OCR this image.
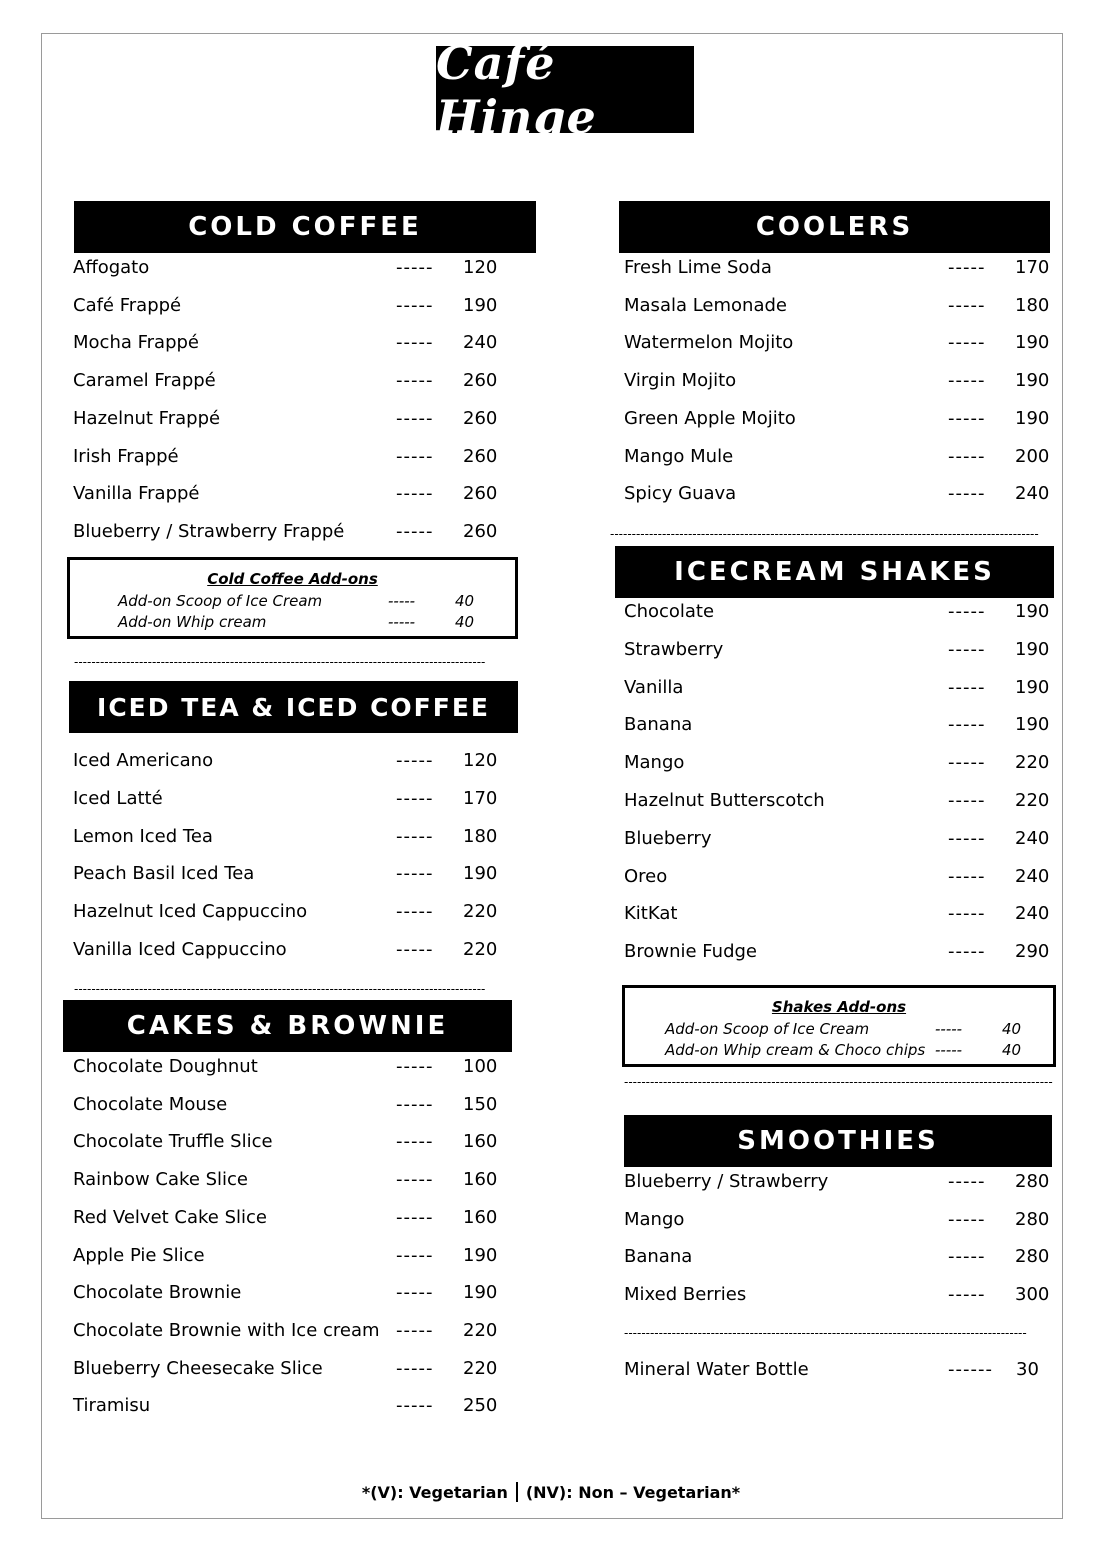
Café Hinge
COLD COFFEE
Affogato	----- 120
Café Frappé	----- 190
Mocha Frappé	----- 240
Caramel Frappé	----- 260
Hazelnut Frappé	----- 260
Irish Frappé	----- 260
Vanilla Frappé	----- 260
Blueberry / Strawberry Frappé	----- 260
Cold Coffee Add-ons
Add-on Scoop of Ice Cream	-----	40
Add-on Whip cream	-----	40
-----------------------------------------------------------------------------------------------
ICED TEA & ICED COFFEE
Iced Americano	----- 120
Iced Latté	----- 170
Lemon Iced Tea	----- 180
Peach Basil Iced Tea	----- 190
Hazelnut Iced Cappuccino	----- 220
Vanilla Iced Cappuccino	----- 220
-----------------------------------------------------------------------------------------------
CAKES & BROWNIE
Chocolate Doughnut	----- 100
Chocolate Mouse	----- 150
Chocolate Truffle Slice	----- 160
Rainbow Cake Slice	----- 160
Red Velvet Cake Slice	----- 160
Apple Pie Slice	----- 190
Chocolate Brownie	----- 190
Chocolate Brownie with Ice cream ----- 220
Blueberry Cheesecake Slice	----- 220
Tiramisu	----- 250
COOLERS
Fresh Lime Soda	----- 170
Masala Lemonade	----- 180
Watermelon Mojito	----- 190
Virgin Mojito	----- 190
Green Apple Mojito	----- 190
Mango Mule	----- 200
Spicy Guava	----- 240
---------------------------------------------------------------------------------------------------
ICECREAM SHAKES
Chocolate	----- 190
Strawberry	----- 190
Vanilla	----- 190
Banana	----- 190
Mango	----- 220
Hazelnut Butterscotch	----- 220
Blueberry	----- 240
Oreo	----- 240
KitKat	----- 240
Brownie Fudge	----- 290
Shakes Add-ons
Add-on Scoop of Ice Cream	-----	40
Add-on Whip cream & Choco chips -----	40
---------------------------------------------------------------------------------------------------
SMOOTHIES
Blueberry / Strawberry	----- 280
Mango	----- 280
Banana	----- 280
Mixed Berries	----- 300
---------------------------------------------------------------------------------------------
Mineral Water Bottle	------ 30
*(V): Vegetarian (NV): Non – Vegetarian*
